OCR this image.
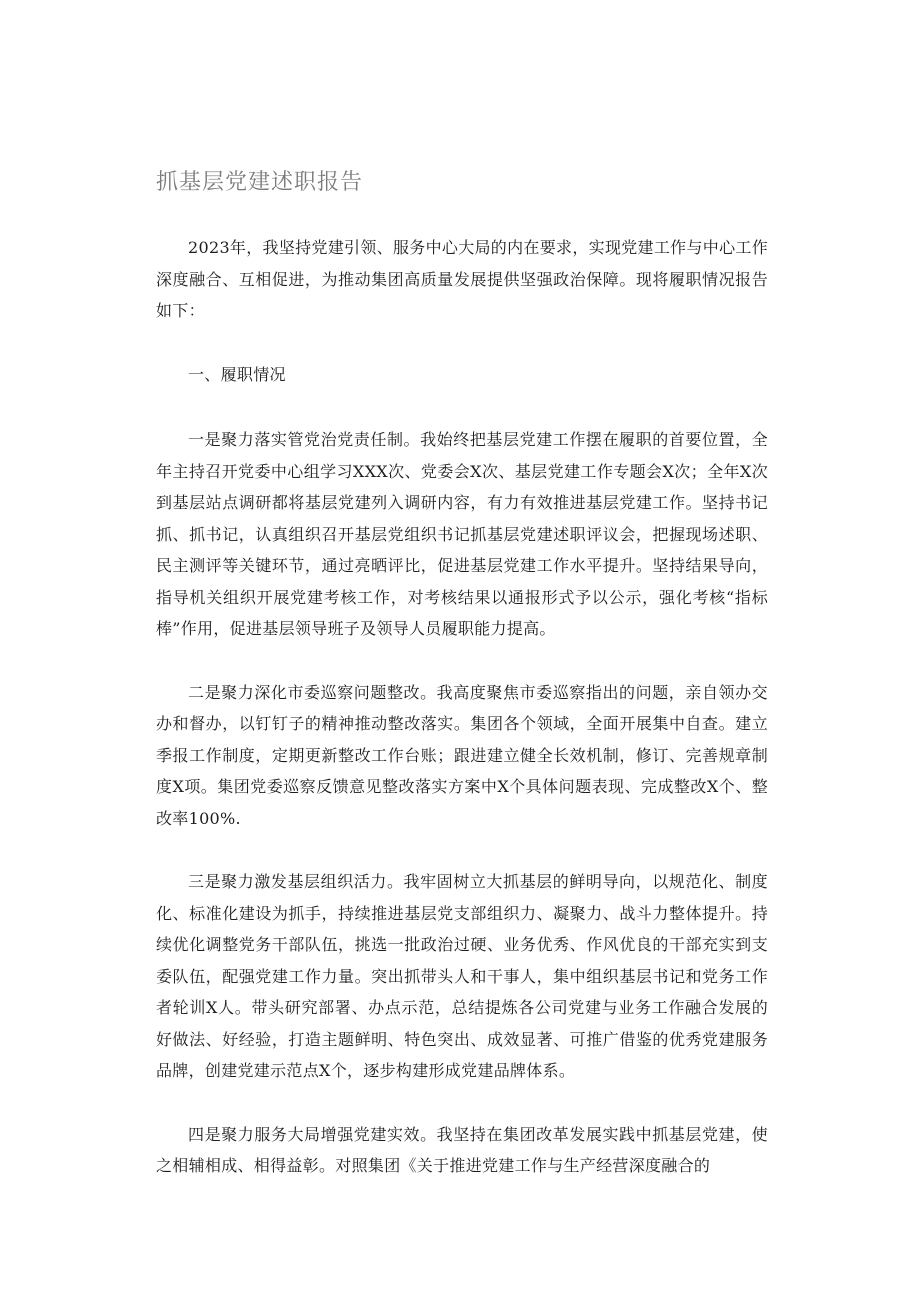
抓基层党建述职报告

2023年，我坚持党建引领、服务中心大局的内在要求，实现党建工作与中心工作深度融合、互相促进，为推动集团高质量发展提供坚强政治保障。现将履职情况报告如下：

一、履职情况

一是聚力落实管党治党责任制。我始终把基层党建工作摆在履职的首要位置，全年主持召开党委中心组学习XXX次、党委会X次、基层党建工作专题会X次；全年X次到基层站点调研都将基层党建列入调研内容，有力有效推进基层党建工作。坚持书记抓、抓书记，认真组织召开基层党组织书记抓基层党建述职评议会，把握现场述职、民主测评等关键环节，通过亮晒评比，促进基层党建工作水平提升。坚持结果导向，指导机关组织开展党建考核工作，对考核结果以通报形式予以公示，强化考核“指标棒”作用，促进基层领导班子及领导人员履职能力提高。

二是聚力深化市委巡察问题整改。我高度聚焦市委巡察指出的问题，亲自领办交办和督办，以钉钉子的精神推动整改落实。集团各个领域，全面开展集中自查。建立季报工作制度，定期更新整改工作台账；跟进建立健全长效机制，修订、完善规章制度X项。集团党委巡察反馈意见整改落实方案中X个具体问题表现、完成整改X个、整改率100%.

三是聚力激发基层组织活力。我牢固树立大抓基层的鲜明导向，以规范化、制度化、标准化建设为抓手，持续推进基层党支部组织力、凝聚力、战斗力整体提升。持续优化调整党务干部队伍，挑选一批政治过硬、业务优秀、作风优良的干部充实到支委队伍，配强党建工作力量。突出抓带头人和干事人，集中组织基层书记和党务工作者轮训X人。带头研究部署、办点示范，总结提炼各公司党建与业务工作融合发展的好做法、好经验，打造主题鲜明、特色突出、成效显著、可推广借鉴的优秀党建服务品牌，创建党建示范点X个，逐步构建形成党建品牌体系。

四是聚力服务大局增强党建实效。我坚持在集团改革发展实践中抓基层党建，使之相辅相成、相得益彰。对照集团《关于推进党建工作与生产经营深度融合的
